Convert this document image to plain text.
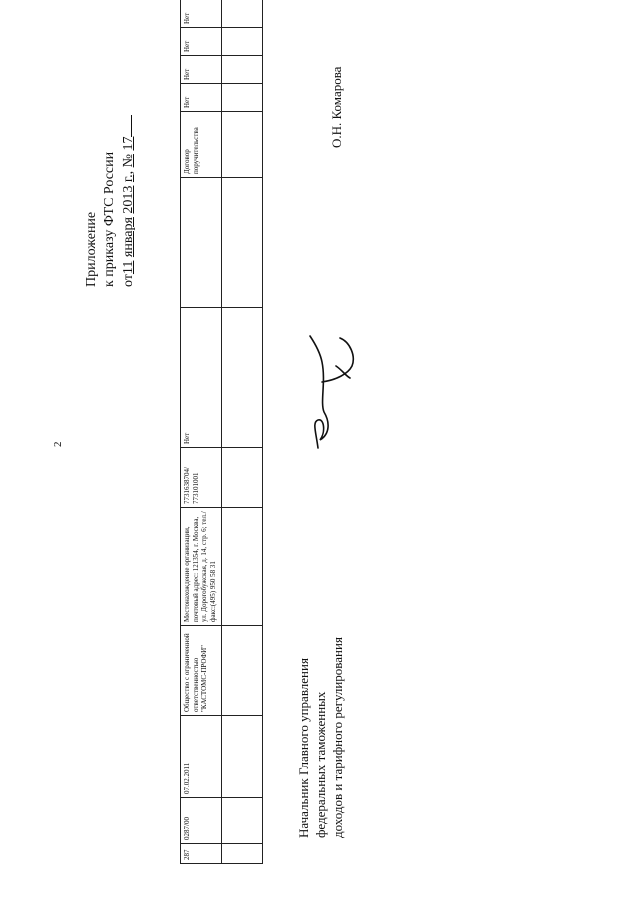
2
Приложение к приказу ФТС России от11 января 2013 г., № 17
287	0287/00	07.02.2011	Общество с ограниченной ответственностью "КАСТОМС-ПРОФИ"	Местонахождение организации, почтовый адрес: 121354, г. Москва, ул. Дорогобужская, д. 14, стр. 6; тел./факс:(495) 950 58 31	7731638704/ 773101001	Нет		Договор поручительства	Нет	Нет	Нет	Нет

Начальник Главного управления федеральных таможенных доходов и тарифного регулирования
О.Н. Комарова
